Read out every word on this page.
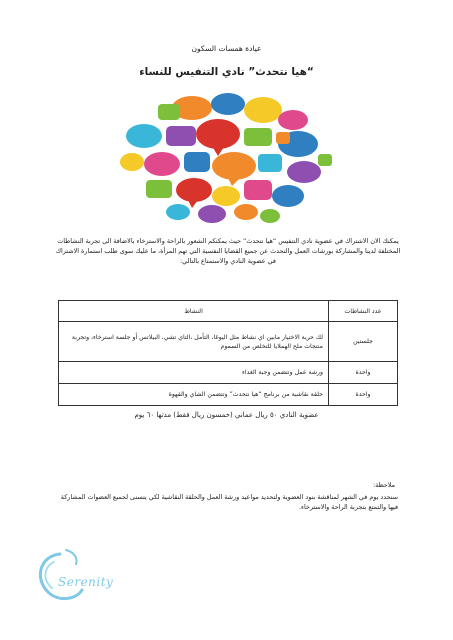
عيادة همسات السكون
“هيا نتحدث” نادي التنفيس للنساء
يمكنك الان الاشتراك في عضوية نادي التنفيس “هيا نتحدث” حيث يمكنكم الشعور بالراحة والاسترخاء بالاضافة الى تجربة النشاطات المختلفة لدينا والمشاركة بورشات العمل والتحدث عن جميع القضايا النفسية التي تهم المرأة، ما عليك سوى طلب استمارة الاشتراك في عضوية النادي والاستمتاع بالتالي:
عدد النشاطات	النشاط
جلستين	لك حرية الاختيار مابين اي نشاط مثل اليوغا، التأمل ،التاي تشي، البيلاتس أو جلسة استرخاء، وتجربة منتجات ملح الهملايا للتخلص من السموم
واحدة	ورشة عمل وتتضمن وجبة الغداء
واحدة	حلقة نقاشية من برنامج “هيا نتحدث” وتتضمن الشاي والقهوة
عضوية النادي ٥٠ ريال عماني (خمسون ريال فقط) مدتها ٦٠ يوم
ملاحظة:
سنحدد يوم في الشهر لمناقشة بنود العضوية ولتحديد مواعيد ورشة العمل والحلقة النقاشية لكي يتسنى لجميع العضوات المشاركة فيها والتمتع بتجربة الراحة والاسترخاء.
Serenity
